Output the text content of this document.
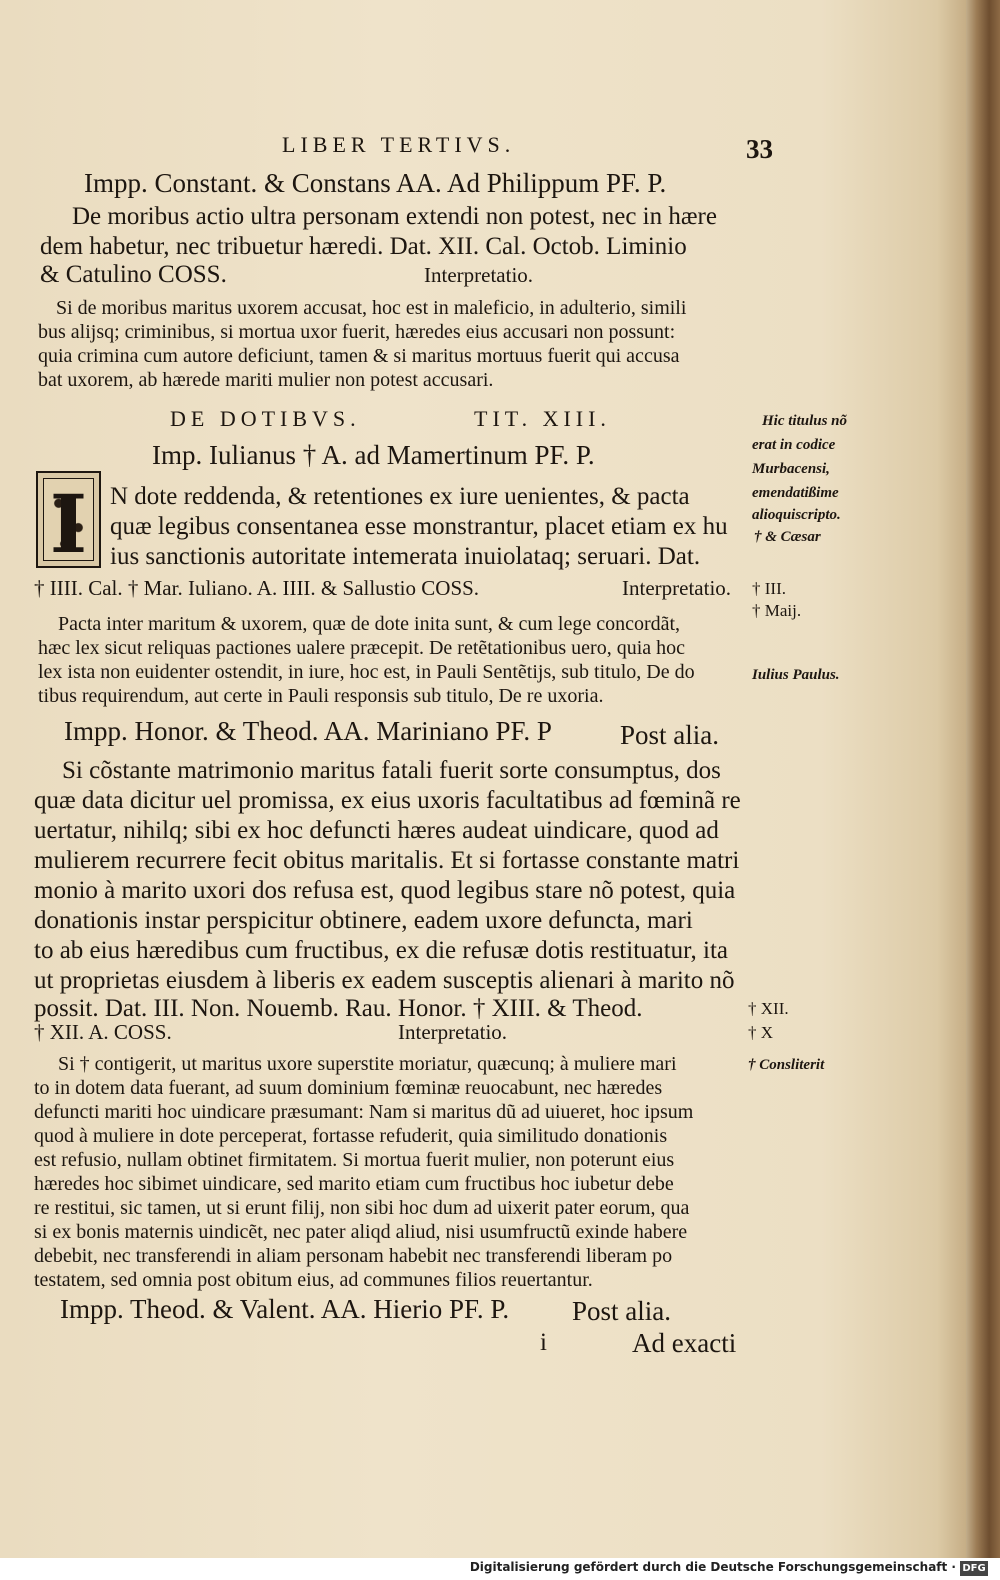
LIBER TERTIVS.	33
Impp. Constant. & Constans AA. Ad Philippum PF. P.
De moribus actio ultra personam extendi non potest, nec in hære
dem habetur, nec tribuetur hæredi. Dat. XII. Cal. Octob. Liminio
& Catulino COSS.	Interpretatio.
Si de moribus maritus uxorem accusat, hoc est in maleficio, in adulterio, simili
bus alijsq; criminibus, si mortua uxor fuerit, hæredes eius accusari non possunt:
quia crimina cum autore deficiunt, tamen & si maritus mortuus fuerit qui accusa
bat uxorem, ab hærede mariti mulier non potest accusari.
DE DOTIBVS.	TIT. XIII.
Imp. Iulianus † A. ad Mamertinum PF. P.
I N dote reddenda, & retentiones ex iure uenientes, & pacta
quæ legibus consentanea esse monstrantur, placet etiam ex hu
ius sanctionis autoritate intemerata inuiolataq; seruari. Dat.
† IIII. Cal. † Mar. Iuliano. A. IIII. & Sallustio COSS.	Interpretatio.
Pacta inter maritum & uxorem, quæ de dote inita sunt, & cum lege concordãt,
hæc lex sicut reliquas pactiones ualere præcepit. De retẽtationibus uero, quia hoc
lex ista non euidenter ostendit, in iure, hoc est, in Pauli Sentẽtijs, sub titulo, De do
tibus requirendum, aut certe in Pauli responsis sub titulo, De re uxoria.
Impp. Honor. & Theod. AA. Mariniano PF. P	Post alia.
Si cõstante matrimonio maritus fatali fuerit sorte consumptus, dos
quæ data dicitur uel promissa, ex eius uxoris facultatibus ad fœminã re
uertatur, nihilq; sibi ex hoc defuncti hæres audeat uindicare, quod ad
mulierem recurrere fecit obitus maritalis. Et si fortasse constante matri
monio à marito uxori dos refusa est, quod legibus stare nõ potest, quia
donationis instar perspicitur obtinere, eadem uxore defuncta, mari
to ab eius hæredibus cum fructibus, ex die refusæ dotis restituatur, ita
ut proprietas eiusdem à liberis ex eadem susceptis alienari à marito nõ
possit. Dat. III. Non. Nouemb. Rau. Honor. † XIII. & Theod.
† XII. A. COSS.	Interpretatio.
Si † contigerit, ut maritus uxore superstite moriatur, quæcunq; à muliere mari
to in dotem data fuerant, ad suum dominium fœminæ reuocabunt, nec hæredes
defuncti mariti hoc uindicare præsumant: Nam si maritus dũ ad uiueret, hoc ipsum
quod à muliere in dote perceperat, fortasse refuderit, quia similitudo donationis
est refusio, nullam obtinet firmitatem. Si mortua fuerit mulier, non poterunt eius
hæredes hoc sibimet uindicare, sed marito etiam cum fructibus hoc iubetur debe
re restitui, sic tamen, ut si erunt filij, non sibi hoc dum ad uixerit pater eorum, qua
si ex bonis maternis uindicẽt, nec pater aliqd aliud, nisi usumfructũ exinde habere
debebit, nec transferendi in aliam personam habebit nec transferendi liberam po
testatem, sed omnia post obitum eius, ad communes filios reuertantur.
Impp. Theod. & Valent. AA. Hierio PF. P. Post alia.
i	Ad exacti
Hic titulus nõ
erat in codice
Murbacensi,
emendatißime
alioquiscripto.
† & Cæsar
† III.
† Maij.
Iulius Paulus.
† XII.
† X
† Consliterit
Digitalisierung gefördert durch die Deutsche Forschungsgemeinschaft · DFG
